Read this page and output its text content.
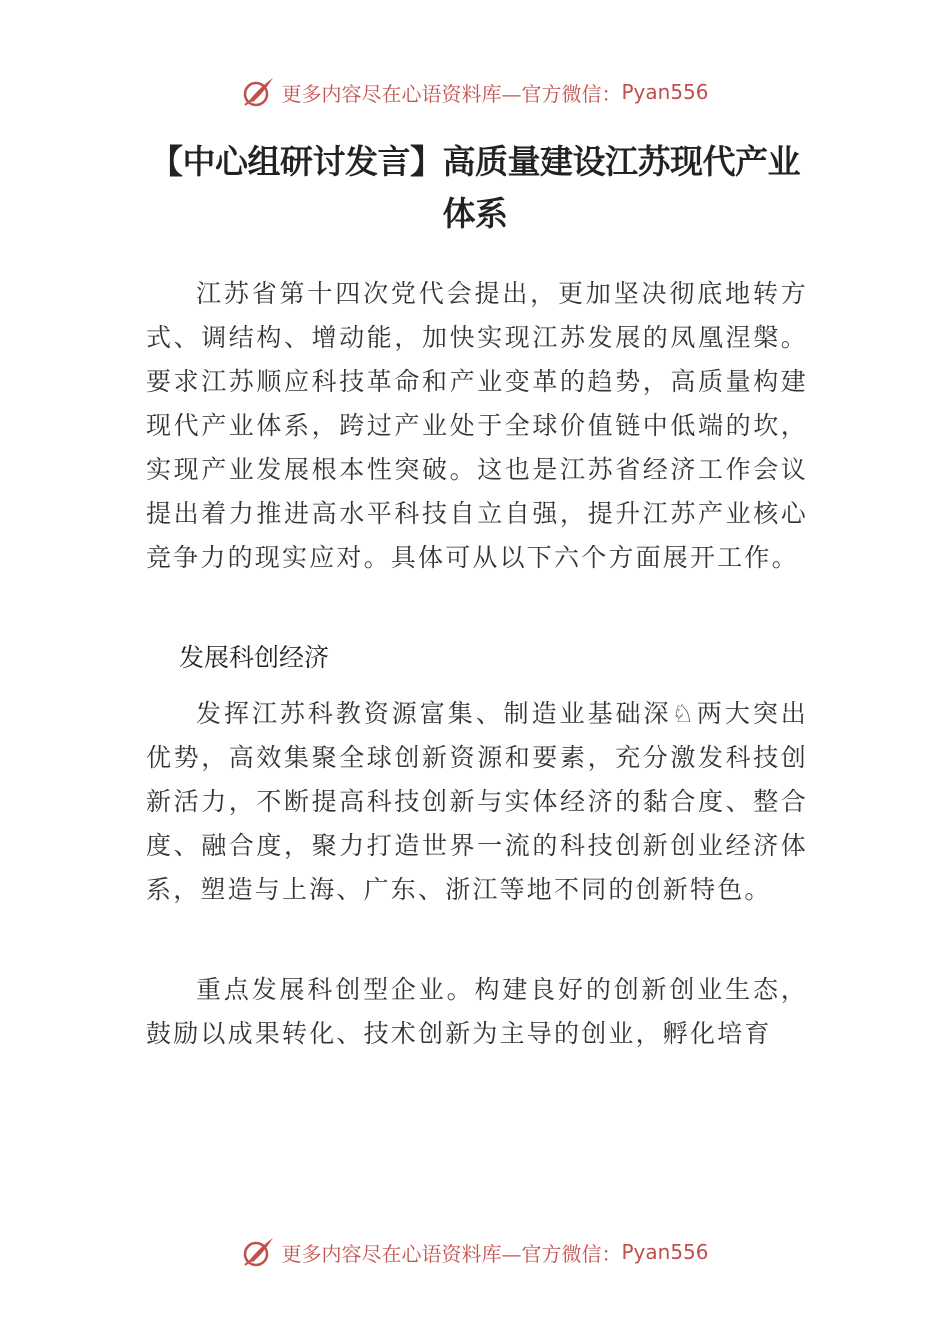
更多内容尽在心语资料库—官方微信： Pyan556
【中心组研讨发言】高质量建设江苏现代产业体系

江苏省第十四次党代会提出，更加坚决彻底地转方式、调结构、增动能，加快实现江苏发展的凤凰涅槃。要求江苏顺应科技革命和产业变革的趋势，高质量构建现代产业体系，跨过产业处于全球价值链中低端的坎，实现产业发展根本性突破。这也是江苏省经济工作会议提出着力推进高水平科技自立自强，提升江苏产业核心竞争力的现实应对。具体可从以下六个方面展开工作。

发展科创经济

发挥江苏科教资源富集、制造业基础深♘两大突出优势，高效集聚全球创新资源和要素，充分激发科技创新活力，不断提高科技创新与实体经济的黏合度、整合度、融合度，聚力打造世界一流的科技创新创业经济体系，塑造与上海、广东、浙江等地不同的创新特色。

重点发展科创型企业。构建良好的创新创业生态，鼓励以成果转化、技术创新为主导的创业，孵化培育

更多内容尽在心语资料库—官方微信： Pyan556
